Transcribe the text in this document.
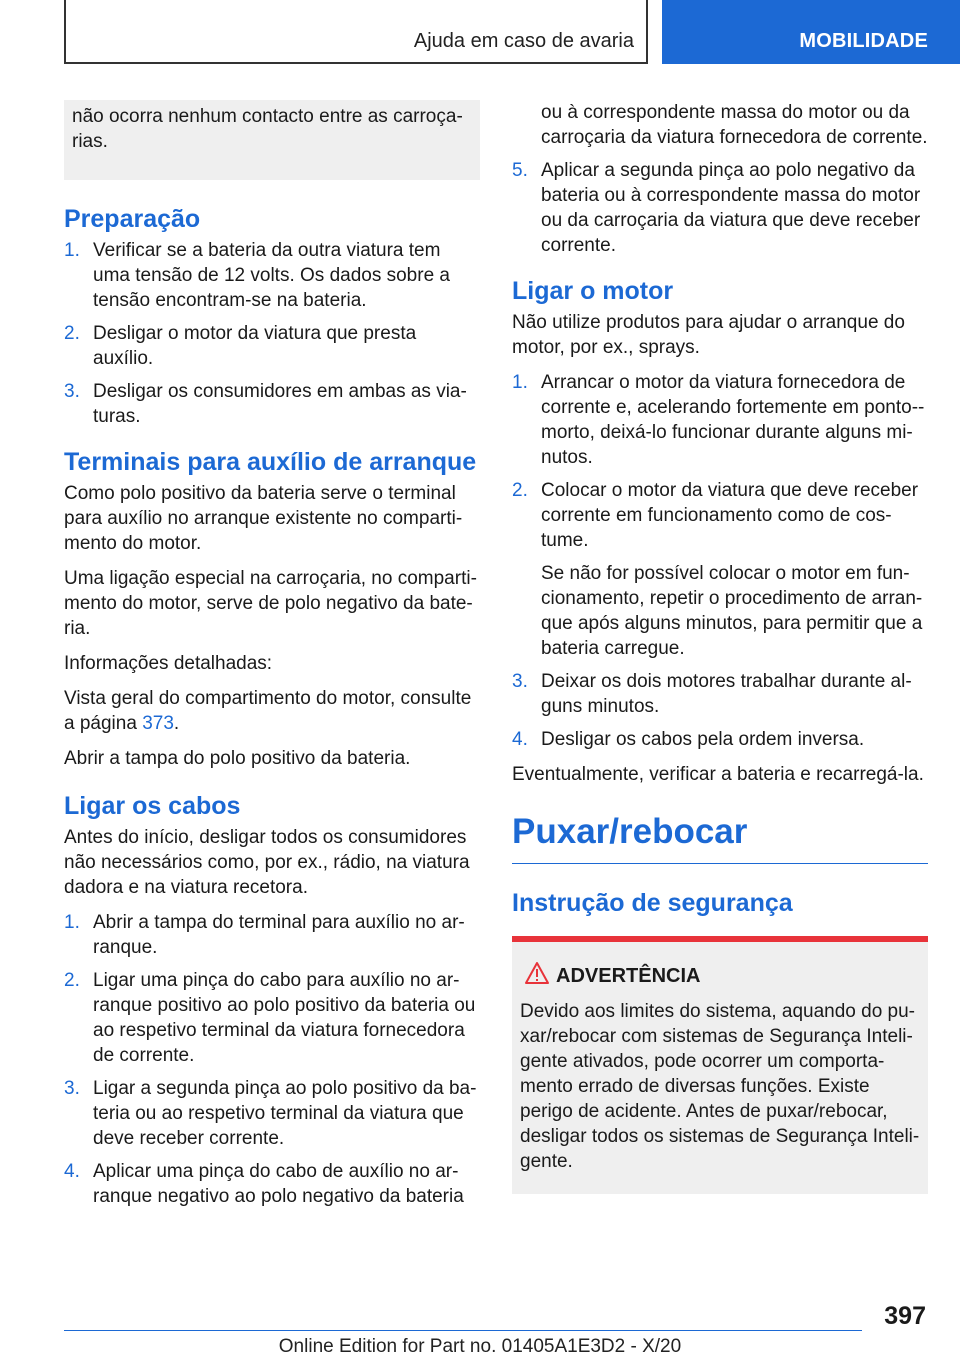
Ajuda em caso de avaria	MOBILIDADE
não ocorra nenhum contacto entre as carroça-rias.
Preparação
1. Verificar se a bateria da outra viatura tem uma tensão de 12 volts. Os dados sobre a tensão encontram-se na bateria.
2. Desligar o motor da viatura que presta auxílio.
3. Desligar os consumidores em ambas as via-turas.
Terminais para auxílio de arranque

Como polo positivo da bateria serve o terminal para auxílio no arranque existente no comparti-mento do motor.

Uma ligação especial na carroçaria, no comparti-mento do motor, serve de polo negativo da bate-ria.

Informações detalhadas:

Vista geral do compartimento do motor, consulte a página 373.

Abrir a tampa do polo positivo da bateria.

Ligar os cabos

Antes do início, desligar todos os consumidores não necessários como, por ex., rádio, na viatura dadora e na viatura recetora.

1. Abrir a tampa do terminal para auxílio no ar-ranque.
2. Ligar uma pinça do cabo para auxílio no ar-ranque positivo ao polo positivo da bateria ou ao respetivo terminal da viatura fornecedora de corrente.
3. Ligar a segunda pinça ao polo positivo da ba-teria ou ao respetivo terminal da viatura que deve receber corrente.
4. Aplicar uma pinça do cabo de auxílio no ar-ranque negativo ao polo negativo da bateria
ou à correspondente massa do motor ou da carroçaria da viatura fornecedora de corrente.
5. Aplicar a segunda pinça ao polo negativo da bateria ou à correspondente massa do motor ou da carroçaria da viatura que deve receber corrente.
Ligar o motor

Não utilize produtos para ajudar o arranque do motor, por ex., sprays.

1. Arrancar o motor da viatura fornecedora de corrente e, acelerando fortemente em ponto--morto, deixá-lo funcionar durante alguns mi-nutos.
2. Colocar o motor da viatura que deve receber corrente em funcionamento como de cos-tume.
Se não for possível colocar o motor em fun-cionamento, repetir o procedimento de arran-que após alguns minutos, para permitir que a bateria carregue.
3. Deixar os dois motores trabalhar durante al-guns minutos.
4. Desligar os cabos pela ordem inversa.

Eventualmente, verificar a bateria e recarregá-la.

Puxar/rebocar
Instrução de segurança
ADVERTÊNCIA
Devido aos limites do sistema, aquando do pu-xar/rebocar com sistemas de Segurança Inteli-gente ativados, pode ocorrer um comporta-mento errado de diversas funções. Existe perigo de acidente. Antes de puxar/rebocar, desligar todos os sistemas de Segurança Inteli-gente.
397
Online Edition for Part no. 01405A1E3D2 - X/20
